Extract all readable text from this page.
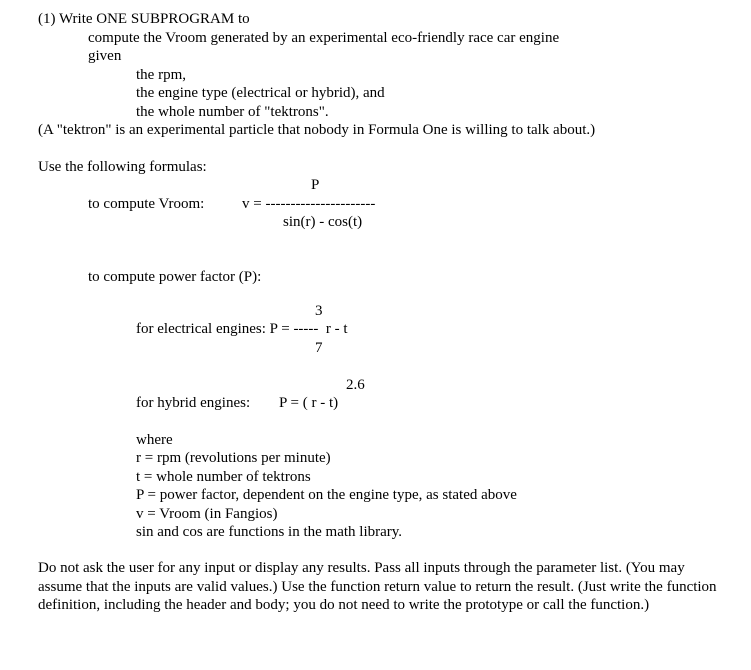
(1) Write ONE SUBPROGRAM to
compute the Vroom generated by an experimental eco-friendly race car engine
given
the rpm,
the engine type (electrical or hybrid), and
the whole number of "tektrons".
(A "tektron" is an experimental particle that nobody in Formula One is willing to talk about.)
Use the following formulas:
P
to compute Vroom:	v = ----------------------
sin(r) - cos(t)
to compute power factor (P):
3
for electrical engines: P = ----- r - t
7
2.6
for hybrid engines: P = ( r - t)
where
r = rpm (revolutions per minute)
t = whole number of tektrons
P = power factor, dependent on the engine type, as stated above
v = Vroom (in Fangios)
sin and cos are functions in the math library.
Do not ask the user for any input or display any results. Pass all inputs through the parameter list. (You may assume that the inputs are valid values.) Use the function return value to return the result. (Just write the function definition, including the header and body; you do not need to write the prototype or call the function.)
